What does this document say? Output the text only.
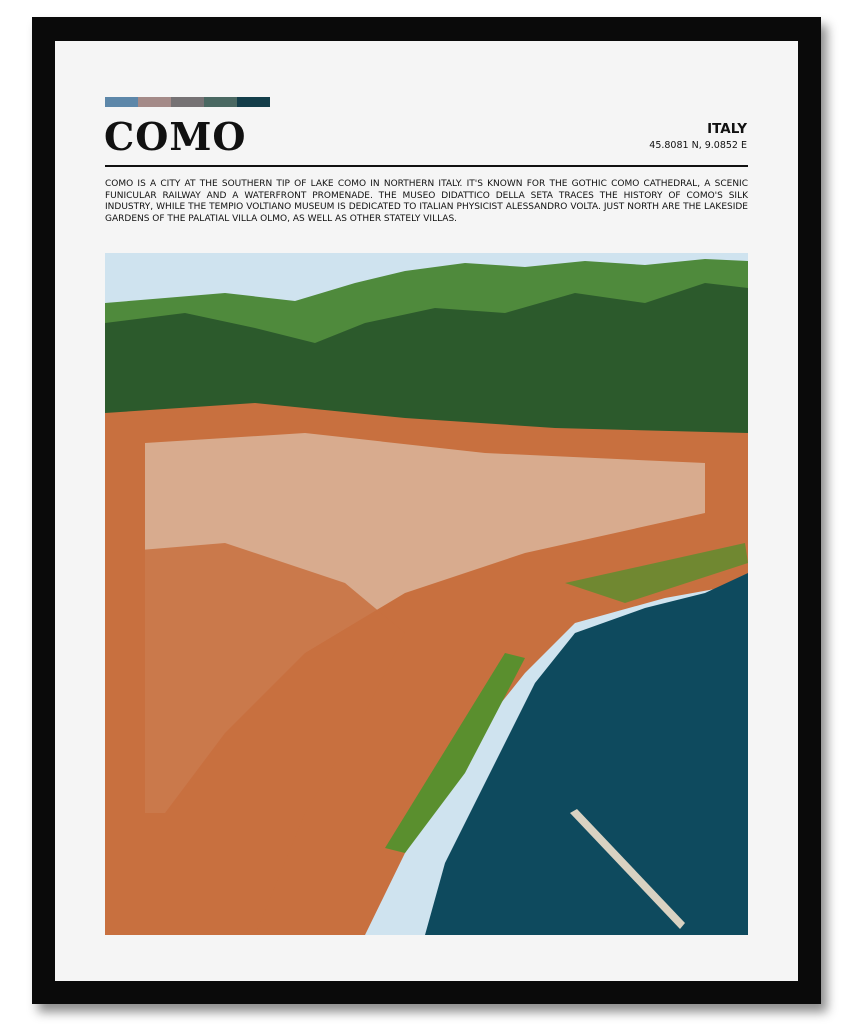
COMO	ITALY
45.8081 N, 9.0852 E

COMO IS A CITY AT THE SOUTHERN TIP OF LAKE COMO IN NORTHERN ITALY. IT'S KNOWN FOR THE GOTHIC COMO CATHEDRAL, A SCENIC FUNICULAR RAILWAY AND A WATERFRONT PROMENADE. THE MUSEO DIDATTICO DELLA SETA TRACES THE HISTORY OF COMO'S SILK INDUSTRY, WHILE THE TEMPIO VOLTIANO MUSEUM IS DEDICATED TO ITALIAN PHYSICIST ALESSANDRO VOLTA. JUST NORTH ARE THE LAKESIDE GARDENS OF THE PALATIAL VILLA OLMO, AS WELL AS OTHER STATELY VILLAS.
